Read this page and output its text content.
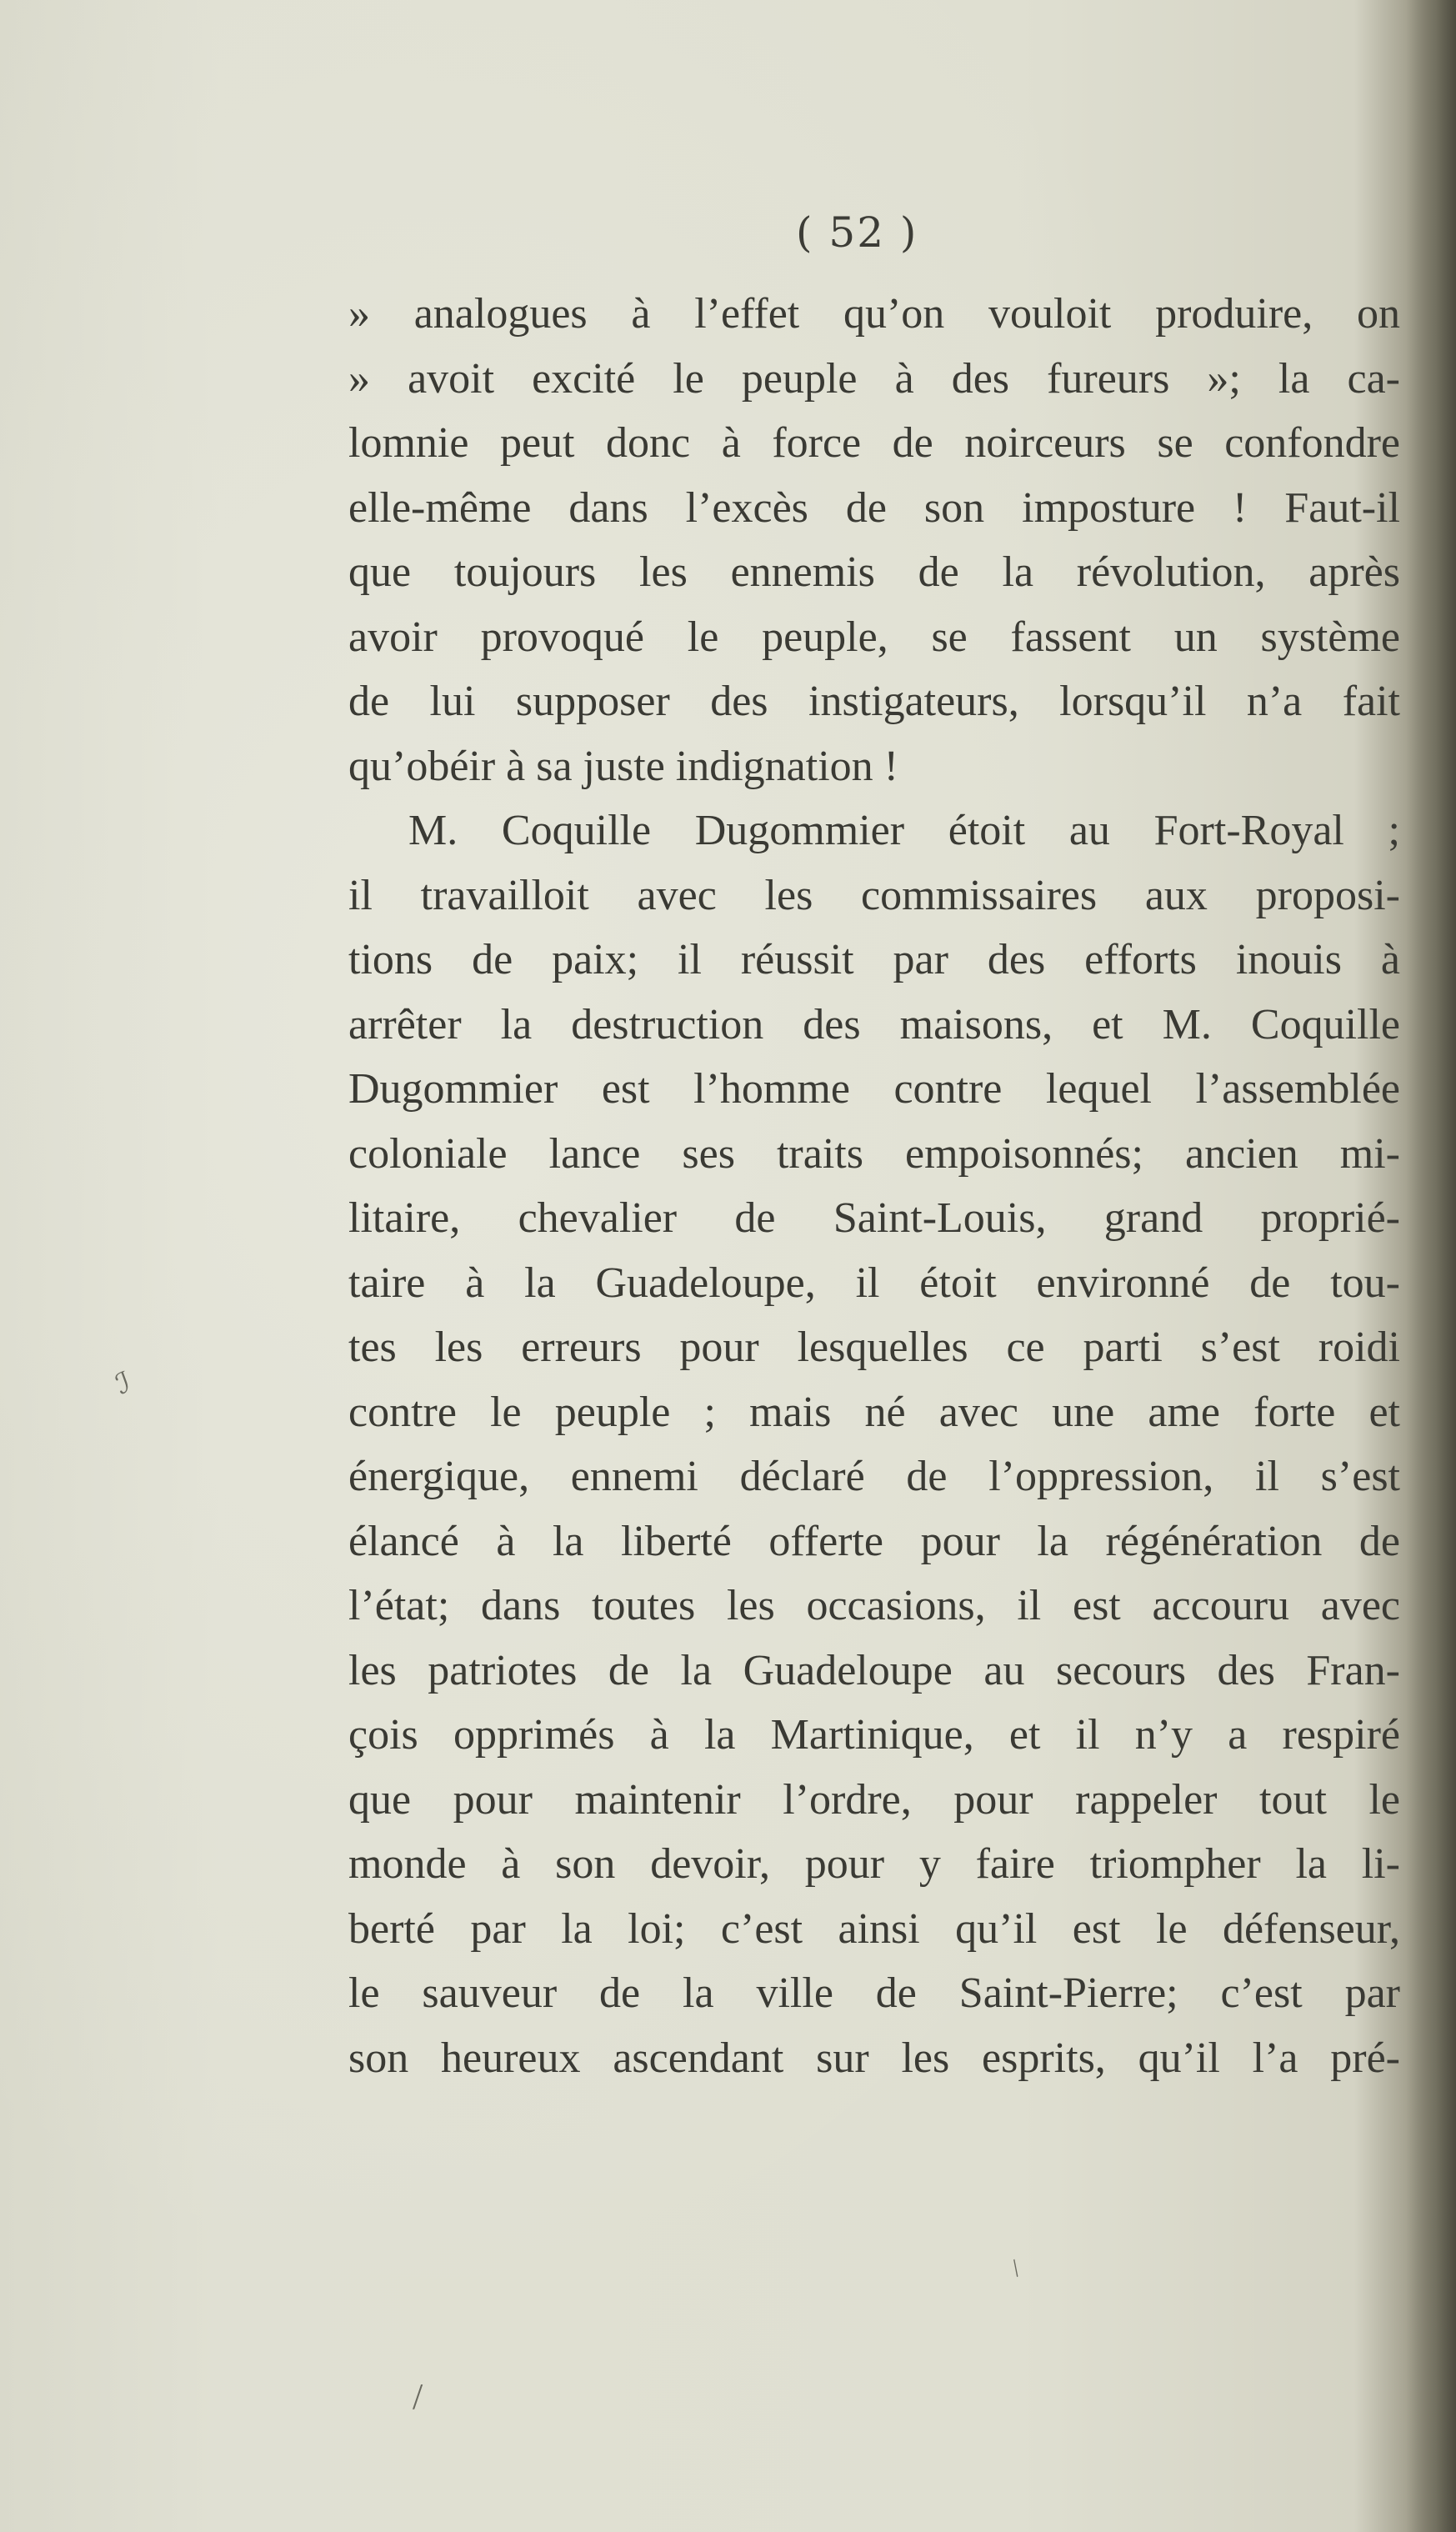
( 52 )
» analogues à l’effet qu’on vouloit produire, on
» avoit excité le peuple à des fureurs »; la ca-
lomnie peut donc à force de noirceurs se confondre
elle-même dans l’excès de son imposture ! Faut-il
que toujours les ennemis de la révolution, après
avoir provoqué le peuple, se fassent un système
de lui supposer des instigateurs, lorsqu’il n’a fait
qu’obéir à sa juste indignation !
M. Coquille Dugommier étoit au Fort-Royal ;
il travailloit avec les commissaires aux proposi-
tions de paix; il réussit par des efforts inouis à
arrêter la destruction des maisons, et M. Coquille
Dugommier est l’homme contre lequel l’assemblée
coloniale lance ses traits empoisonnés; ancien mi-
litaire, chevalier de Saint-Louis, grand proprié-
taire à la Guadeloupe, il étoit environné de tou-
tes les erreurs pour lesquelles ce parti s’est roidi
contre le peuple ; mais né avec une ame forte et
énergique, ennemi déclaré de l’oppression, il s’est
élancé à la liberté offerte pour la régénération de
l’état; dans toutes les occasions, il est accouru avec
les patriotes de la Guadeloupe au secours des Fran-
çois opprimés à la Martinique, et il n’y a respiré
que pour maintenir l’ordre, pour rappeler tout le
monde à son devoir, pour y faire triompher la li-
berté par la loi; c’est ainsi qu’il est le défenseur,
le sauveur de la ville de Saint-Pierre; c’est par
son heureux ascendant sur les esprits, qu’il l’a pré-
ℐ
/
/
